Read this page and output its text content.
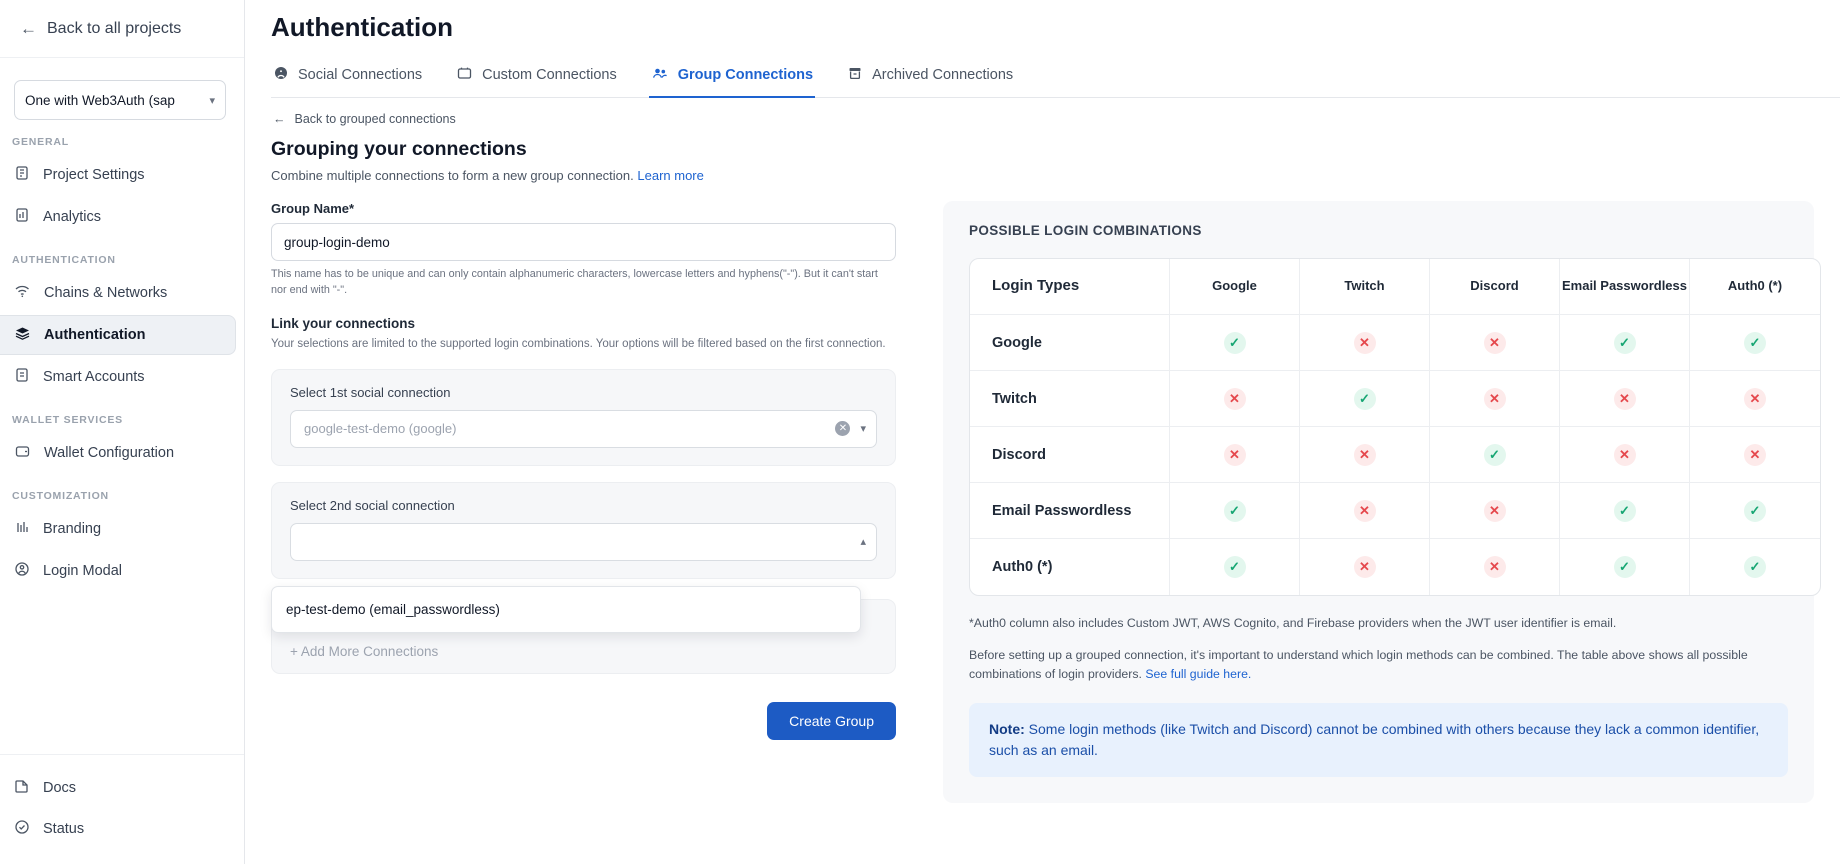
← Back to all projects
One with Web3Auth (sap	▾
GENERAL
Project Settings
Analytics
AUTHENTICATION
Chains & Networks
Authentication
Smart Accounts
WALLET SERVICES
Wallet Configuration
CUSTOMIZATION
Branding
Login Modal
Docs
Status
Authentication
Social Connections	Custom Connections	Group Connections	Archived Connections
← Back to grouped connections
Grouping your connections
Combine multiple connections to form a new group connection. Learn more
Group Name*
group-login-demo
This name has to be unique and can only contain alphanumeric characters, lowercase letters and hyphens("-"). But it can't start nor end with "-".
Link your connections
Your selections are limited to the supported login combinations. Your options will be filtered based on the first connection.
Select 1st social connection
google-test-demo (google)	✕	▾
Select 2nd social connection
▴
ep-test-demo (email_passwordless)
+ Add More Connections
Create Group
POSSIBLE LOGIN COMBINATIONS
Login Types	Google	Twitch	Discord	Email Passwordless	Auth0 (*)
Google	✓	✕	✕	✓	✓
Twitch	✕	✓	✕	✕	✕
Discord	✕	✕	✓	✕	✕
Email Passwordless	✓	✕	✕	✓	✓
Auth0 (*)	✓	✕	✕	✓	✓
*Auth0 column also includes Custom JWT, AWS Cognito, and Firebase providers when the JWT user identifier is email.
Before setting up a grouped connection, it's important to understand which login methods can be combined. The table above shows all possible combinations of login providers. See full guide here.
Note: Some login methods (like Twitch and Discord) cannot be combined with others because they lack a common identifier, such as an email.
